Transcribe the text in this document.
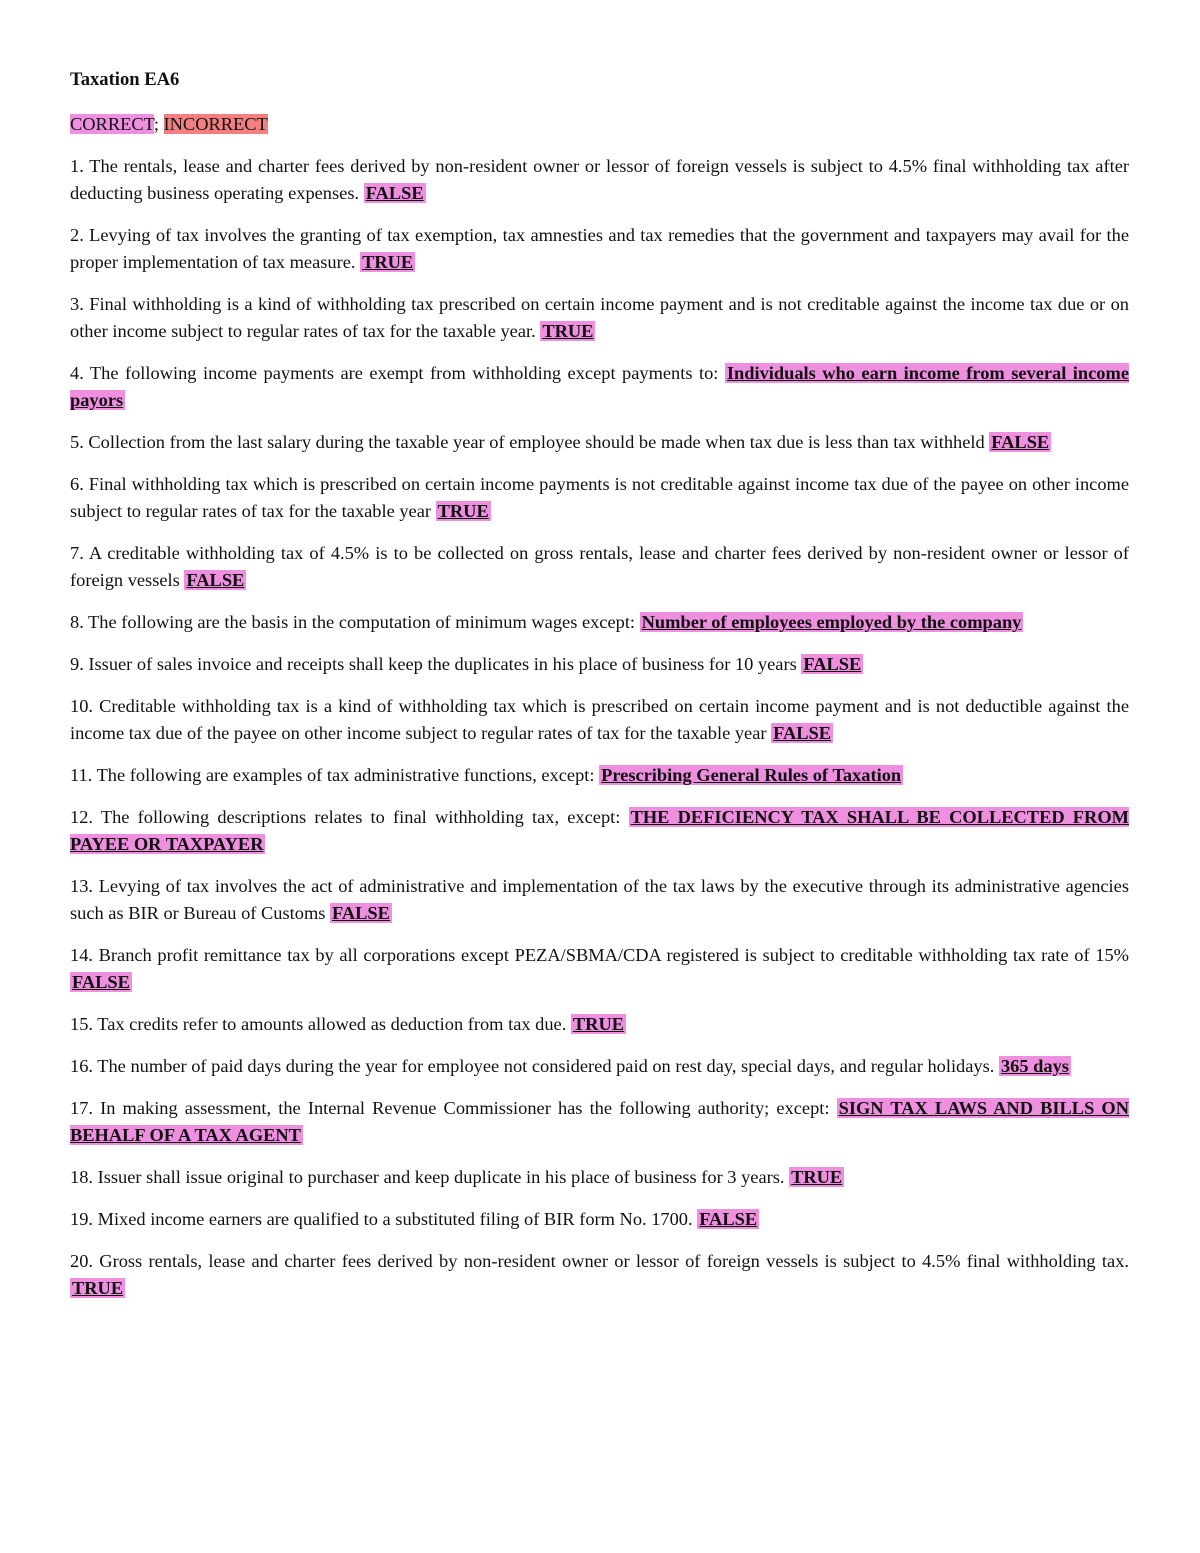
Taxation EA6
CORRECT; INCORRECT

1. The rentals, lease and charter fees derived by non-resident owner or lessor of foreign vessels is subject to 4.5% final withholding tax after deducting business operating expenses. FALSE

2. Levying of tax involves the granting of tax exemption, tax amnesties and tax remedies that the government and taxpayers may avail for the proper implementation of tax measure. TRUE

3. Final withholding is a kind of withholding tax prescribed on certain income payment and is not creditable against the income tax due or on other income subject to regular rates of tax for the taxable year. TRUE

4. The following income payments are exempt from withholding except payments to: Individuals who earn income from several income payors

5. Collection from the last salary during the taxable year of employee should be made when tax due is less than tax withheld FALSE

6. Final withholding tax which is prescribed on certain income payments is not creditable against income tax due of the payee on other income subject to regular rates of tax for the taxable year TRUE

7. A creditable withholding tax of 4.5% is to be collected on gross rentals, lease and charter fees derived by non-resident owner or lessor of foreign vessels FALSE

8. The following are the basis in the computation of minimum wages except: Number of employees employed by the company

9. Issuer of sales invoice and receipts shall keep the duplicates in his place of business for 10 years FALSE

10. Creditable withholding tax is a kind of withholding tax which is prescribed on certain income payment and is not deductible against the income tax due of the payee on other income subject to regular rates of tax for the taxable year FALSE

11. The following are examples of tax administrative functions, except: Prescribing General Rules of Taxation

12. The following descriptions relates to final withholding tax, except: THE DEFICIENCY TAX SHALL BE COLLECTED FROM PAYEE OR TAXPAYER

13. Levying of tax involves the act of administrative and implementation of the tax laws by the executive through its administrative agencies such as BIR or Bureau of Customs FALSE

14. Branch profit remittance tax by all corporations except PEZA/SBMA/CDA registered is subject to creditable withholding tax rate of 15% FALSE

15. Tax credits refer to amounts allowed as deduction from tax due. TRUE

16. The number of paid days during the year for employee not considered paid on rest day, special days, and regular holidays. 365 days

17. In making assessment, the Internal Revenue Commissioner has the following authority; except: SIGN TAX LAWS AND BILLS ON BEHALF OF A TAX AGENT

18. Issuer shall issue original to purchaser and keep duplicate in his place of business for 3 years. TRUE

19. Mixed income earners are qualified to a substituted filing of BIR form No. 1700. FALSE

20. Gross rentals, lease and charter fees derived by non-resident owner or lessor of foreign vessels is subject to 4.5% final withholding tax. TRUE
